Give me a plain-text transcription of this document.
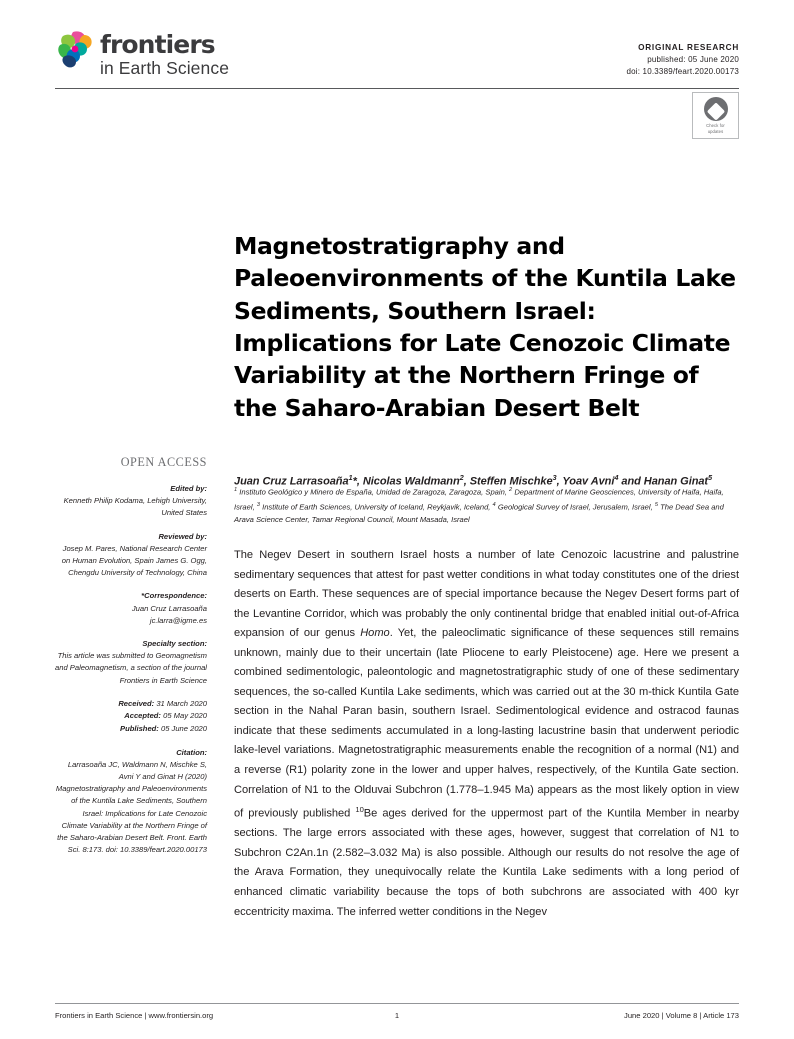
frontiers
in Earth Science
ORIGINAL RESEARCH
published: 05 June 2020
doi: 10.3389/feart.2020.00173
Check for
updates
Magnetostratigraphy and Paleoenvironments of the Kuntila Lake Sediments, Southern Israel: Implications for Late Cenozoic Climate Variability at the Northern Fringe of the Saharo-Arabian Desert Belt
Juan Cruz Larrasoaña$^1$*, Nicolas Waldmann$^2$, Steffen Mischke$^3$, Yoav Avni$^4$ and Hanan Ginat$^5$
$^1$ Instituto Geológico y Minero de España, Unidad de Zaragoza, Zaragoza, Spain, $^2$ Department of Marine Geosciences, University of Haifa, Haifa, Israel, $^3$ Institute of Earth Sciences, University of Iceland, Reykjavik, Iceland, $^4$ Geological Survey of Israel, Jerusalem, Israel, $^5$ The Dead Sea and Arava Science Center, Tamar Regional Council, Mount Masada, Israel
OPEN ACCESS
Edited by:
Kenneth Philip Kodama, Lehigh University, United States
Reviewed by:
Josep M. Pares, National Research Center on Human Evolution, Spain James G. Ogg, Chengdu University of Technology, China
*Correspondence:
Juan Cruz Larrasoaña
jc.larra@igme.es
Specialty section:
This article was submitted to Geomagnetism and Paleomagnetism, a section of the journal Frontiers in Earth Science
Received: 31 March 2020
Accepted: 05 May 2020
Published: 05 June 2020
Citation:
Larrasoaña JC, Waldmann N, Mischke S, Avni Y and Ginat H (2020) Magnetostratigraphy and Paleoenvironments of the Kuntila Lake Sediments, Southern Israel: Implications for Late Cenozoic Climate Variability at the Northern Fringe of the Saharo-Arabian Desert Belt. Front. Earth Sci. 8:173. doi: 10.3389/feart.2020.00173
The Negev Desert in southern Israel hosts a number of late Cenozoic lacustrine and palustrine sedimentary sequences that attest for past wetter conditions in what today constitutes one of the driest deserts on Earth. These sequences are of special importance because the Negev Desert forms part of the Levantine Corridor, which was probably the only continental bridge that enabled initial out-of-Africa expansion of our genus Homo. Yet, the paleoclimatic significance of these sequences still remains unknown, mainly due to their uncertain (late Pliocene to early Pleistocene) age. Here we present a combined sedimentologic, paleontologic and magnetostratigraphic study of one of these sedimentary sequences, the so-called Kuntila Lake sediments, which was carried out at the 30 m-thick Kuntila Gate section in the Nahal Paran basin, southern Israel. Sedimentological evidence and ostracod faunas indicate that these sediments accumulated in a long-lasting lacustrine basin that underwent periodic lake-level variations. Magnetostratigraphic measurements enable the recognition of a normal (N1) and a reverse (R1) polarity zone in the lower and upper halves, respectively, of the Kuntila Gate section. Correlation of N1 to the Olduvai Subchron (1.778–1.945 Ma) appears as the most likely option in view of previously published $^{10}$Be ages derived for the uppermost part of the Kuntila Member in nearby sections. The large errors associated with these ages, however, suggest that correlation of N1 to Subchron C2An.1n (2.582–3.032 Ma) is also possible. Although our results do not resolve the age of the Arava Formation, they unequivocally relate the Kuntila Lake sediments with a long period of enhanced climatic variability because the tops of both subchrons are associated with 400 kyr eccentricity maxima. The inferred wetter conditions in the Negev
Frontiers in Earth Science | www.frontiersin.org	1	June 2020 | Volume 8 | Article 173
